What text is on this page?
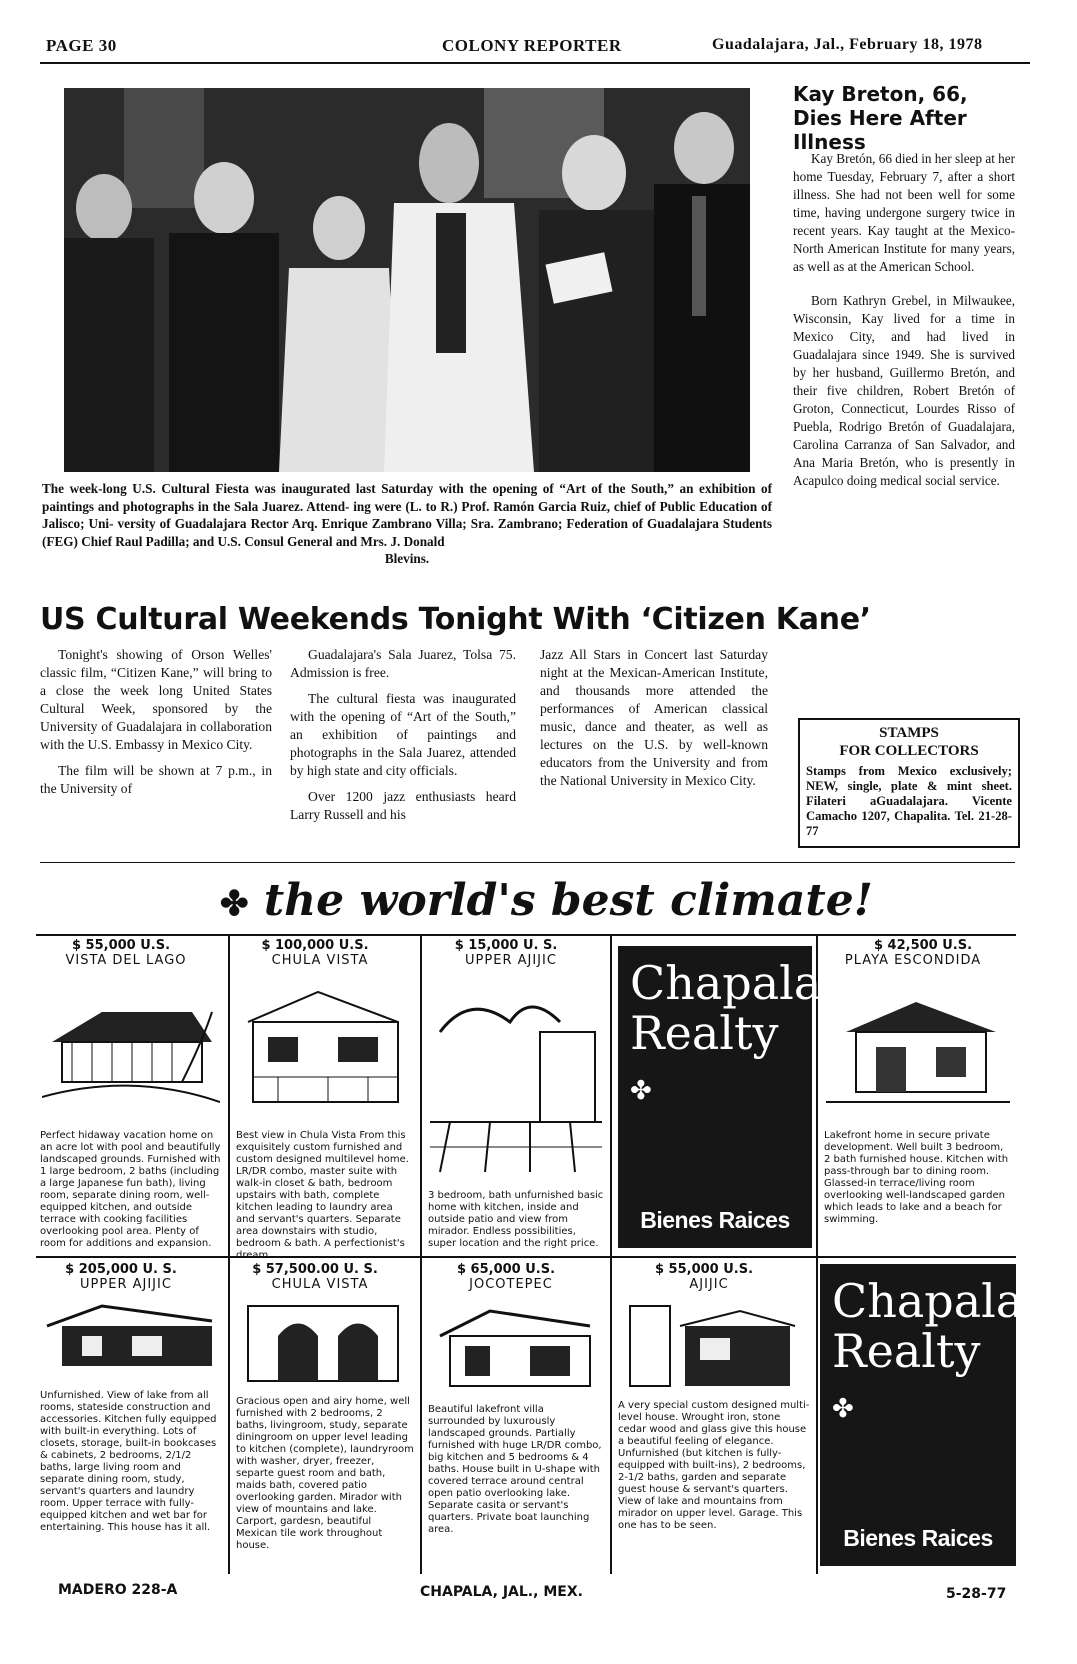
PAGE 30	COLONY REPORTER	Guadalajara, Jal., February 18, 1978
The week-long U.S. Cultural Fiesta was inaugurated last Saturday with the opening of “Art of the South,” an exhibition of paintings and photographs in the Sala Juarez. Attend- ing were (L. to R.) Prof. Ramón Garcia Ruiz, chief of Public Education of Jalisco; Uni- versity of Guadalajara Rector Arq. Enrique Zambrano Villa; Sra. Zambrano; Federation of Guadalajara Students (FEG) Chief Raul Padilla; and U.S. Consul General and Mrs. J. Donald
Blevins.
US Cultural Weekends Tonight With ‘Citizen Kane’

Tonight's showing of Orson Welles' classic film, “Citizen Kane,” will bring to a close the week long United States Cultural Week, sponsored by the University of Guadalajara in collaboration with the U.S. Embassy in Mexico City.

The film will be shown at 7 p.m., in the University of

Guadalajara's Sala Juarez, Tolsa 75. Admission is free.

The cultural fiesta was inaugurated with the opening of “Art of the South,” an exhibition of paintings and photographs in the Sala Juarez, attended by high state and city officials.

Over 1200 jazz enthusiasts heard Larry Russell and his

Jazz All Stars in Concert last Saturday night at the Mexican-American Institute, and thousands more attended the performances of American classical music, dance and theater, as well as lectures on the U.S. by well-known educators from the University and from the National University in Mexico City.

Kay Breton, 66, Dies Here After Illness

Kay Bretón, 66 died in her sleep at her home Tuesday, February 7, after a short illness. She had not been well for some time, having undergone surgery twice in recent years. Kay taught at the Mexico-North American Institute for many years, as well as at the American School.

Born Kathryn Grebel, in Milwaukee, Wisconsin, Kay lived for a time in Mexico City, and had lived in Guadalajara since 1949. She is survived by her husband, Guillermo Bretón, and their five children, Robert Bretón of Groton, Connecticut, Lourdes Risso of Puebla, Rodrigo Bretón of Guadalajara, Carolina Carranza of San Salvador, and Ana Maria Bretón, who is presently in Acapulco doing medical social service.

STAMPS
FOR COLLECTORS
Stamps from Mexico exclusively; NEW, single, plate & mint sheet. Filateri aGuadalajara. Vicente Camacho 1207, Chapalita. Tel. 21-28-77
✤ the world's best climate!
$ 55,000 U.S.
VISTA DEL LAGO
Perfect hidaway vacation home on an acre lot with pool and beautifully landscaped grounds. Furnished with 1 large bedroom, 2 baths (including a large Japanese fun bath), living room, separate dining room, well-equipped kitchen, and outside terrace with cooking facilities overlooking pool area. Plenty of room for additions and expansion.
$ 100,000 U.S.
CHULA VISTA
Best view in Chula Vista From this exquisitely custom furnished and custom designed multilevel home. LR/DR combo, master suite with walk-in closet & bath, bedroom upstairs with bath, complete kitchen leading to laundry area and servant's quarters. Separate area downstairs with studio, bedroom & bath. A perfectionist's dream.
$ 15,000 U. S.
UPPER AJIJIC
3 bedroom, bath unfurnished basic home with kitchen, inside and outside patio and view from mirador. Endless possibilities, super location and the right price.
Chapala
Realty ✤
Bienes Raices
$ 42,500 U.S.
PLAYA ESCONDIDA
Lakefront home in secure private development. Well built 3 bedroom, 2 bath furnished house. Kitchen with pass-through bar to dining room. Glassed-in terrace/living room overlooking well-landscaped garden which leads to lake and a beach for swimming.
$ 205,000 U. S.
UPPER AJIJIC
Unfurnished. View of lake from all rooms, stateside construction and accessories. Kitchen fully equipped with built-in everything. Lots of closets, storage, built-in bookcases & cabinets, 2 bedrooms, 2/1/2 baths, large living room and separate dining room, study, servant's quarters and laundry room. Upper terrace with fully-equipped kitchen and wet bar for entertaining. This house has it all.
$ 57,500.00 U. S.
CHULA VISTA
Gracious open and airy home, well furnished with 2 bedrooms, 2 baths, livingroom, study, separate diningroom on upper level leading to kitchen (complete), laundryroom with washer, dryer, freezer, separte guest room and bath, maids bath, covered patio overlooking garden. Mirador with view of mountains and lake. Carport, gardesn, beautiful Mexican tile work throughout house.
$ 65,000 U.S.
JOCOTEPEC
Beautiful lakefront villa surrounded by luxurously landscaped grounds. Partially furnished with huge LR/DR combo, big kitchen and 5 bedrooms & 4 baths. House built in U-shape with covered terrace around central open patio overlooking lake. Separate casita or servant's quarters. Private boat launching area.
$ 55,000 U.S.
AJIJIC
A very special custom designed multi-level house. Wrought iron, stone cedar wood and glass give this house a beautiful feeling of elegance. Unfurnished (but kitchen is fully-equipped with built-ins), 2 bedrooms, 2-1/2 baths, garden and separate guest house & servant's quarters. View of lake and mountains from mirador on upper level. Garage. This one has to be seen.
Chapala
Realty ✤
Bienes Raices
MADERO 228-A	CHAPALA, JAL., MEX.	5-28-77
